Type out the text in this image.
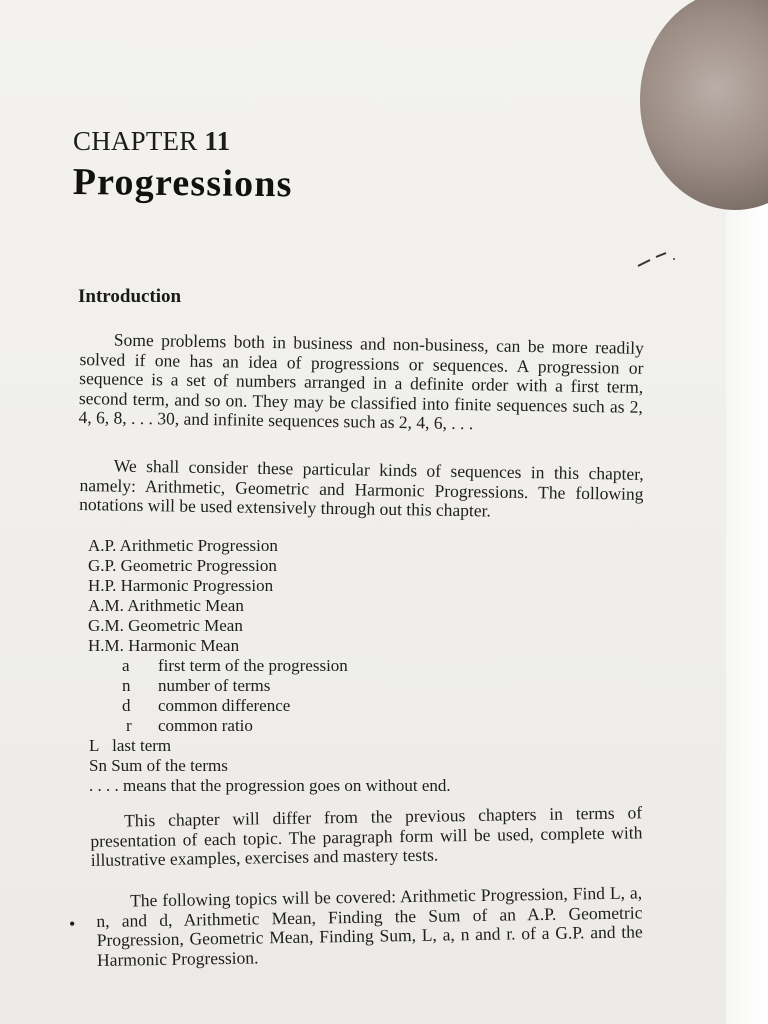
CHAPTER 11
Progressions
Introduction

Some problems both in business and non-business, can be more readily solved if one has an idea of progressions or sequences. A progression or sequence is a set of numbers arranged in a definite order with a first term, second term, and so on. They may be classified into finite sequences such as 2, 4, 6, 8, . . . 30, and infinite sequences such as 2, 4, 6, . . .

We shall consider these particular kinds of sequences in this chapter, namely: Arithmetic, Geometric and Harmonic Progressions. The following notations will be used extensively through out this chapter.

A.P. Arithmetic Progression
G.P. Geometric Progression
H.P. Harmonic Progression
A.M. Arithmetic Mean
G.M. Geometric Mean
H.M. Harmonic Mean
a first term of the progression
n number of terms
d common difference
r common ratio
L last term
Sn Sum of the terms
. . . . means that the progression goes on without end.

This chapter will differ from the previous chapters in terms of presentation of each topic. The paragraph form will be used, complete with illustrative examples, exercises and mastery tests.

The following topics will be covered: Arithmetic Progression, Find L, a, n, and d, Arithmetic Mean, Finding the Sum of an A.P. Geometric Progression, Geometric Mean, Finding Sum, L, a, n and r. of a G.P. and the Harmonic Progression.

•
